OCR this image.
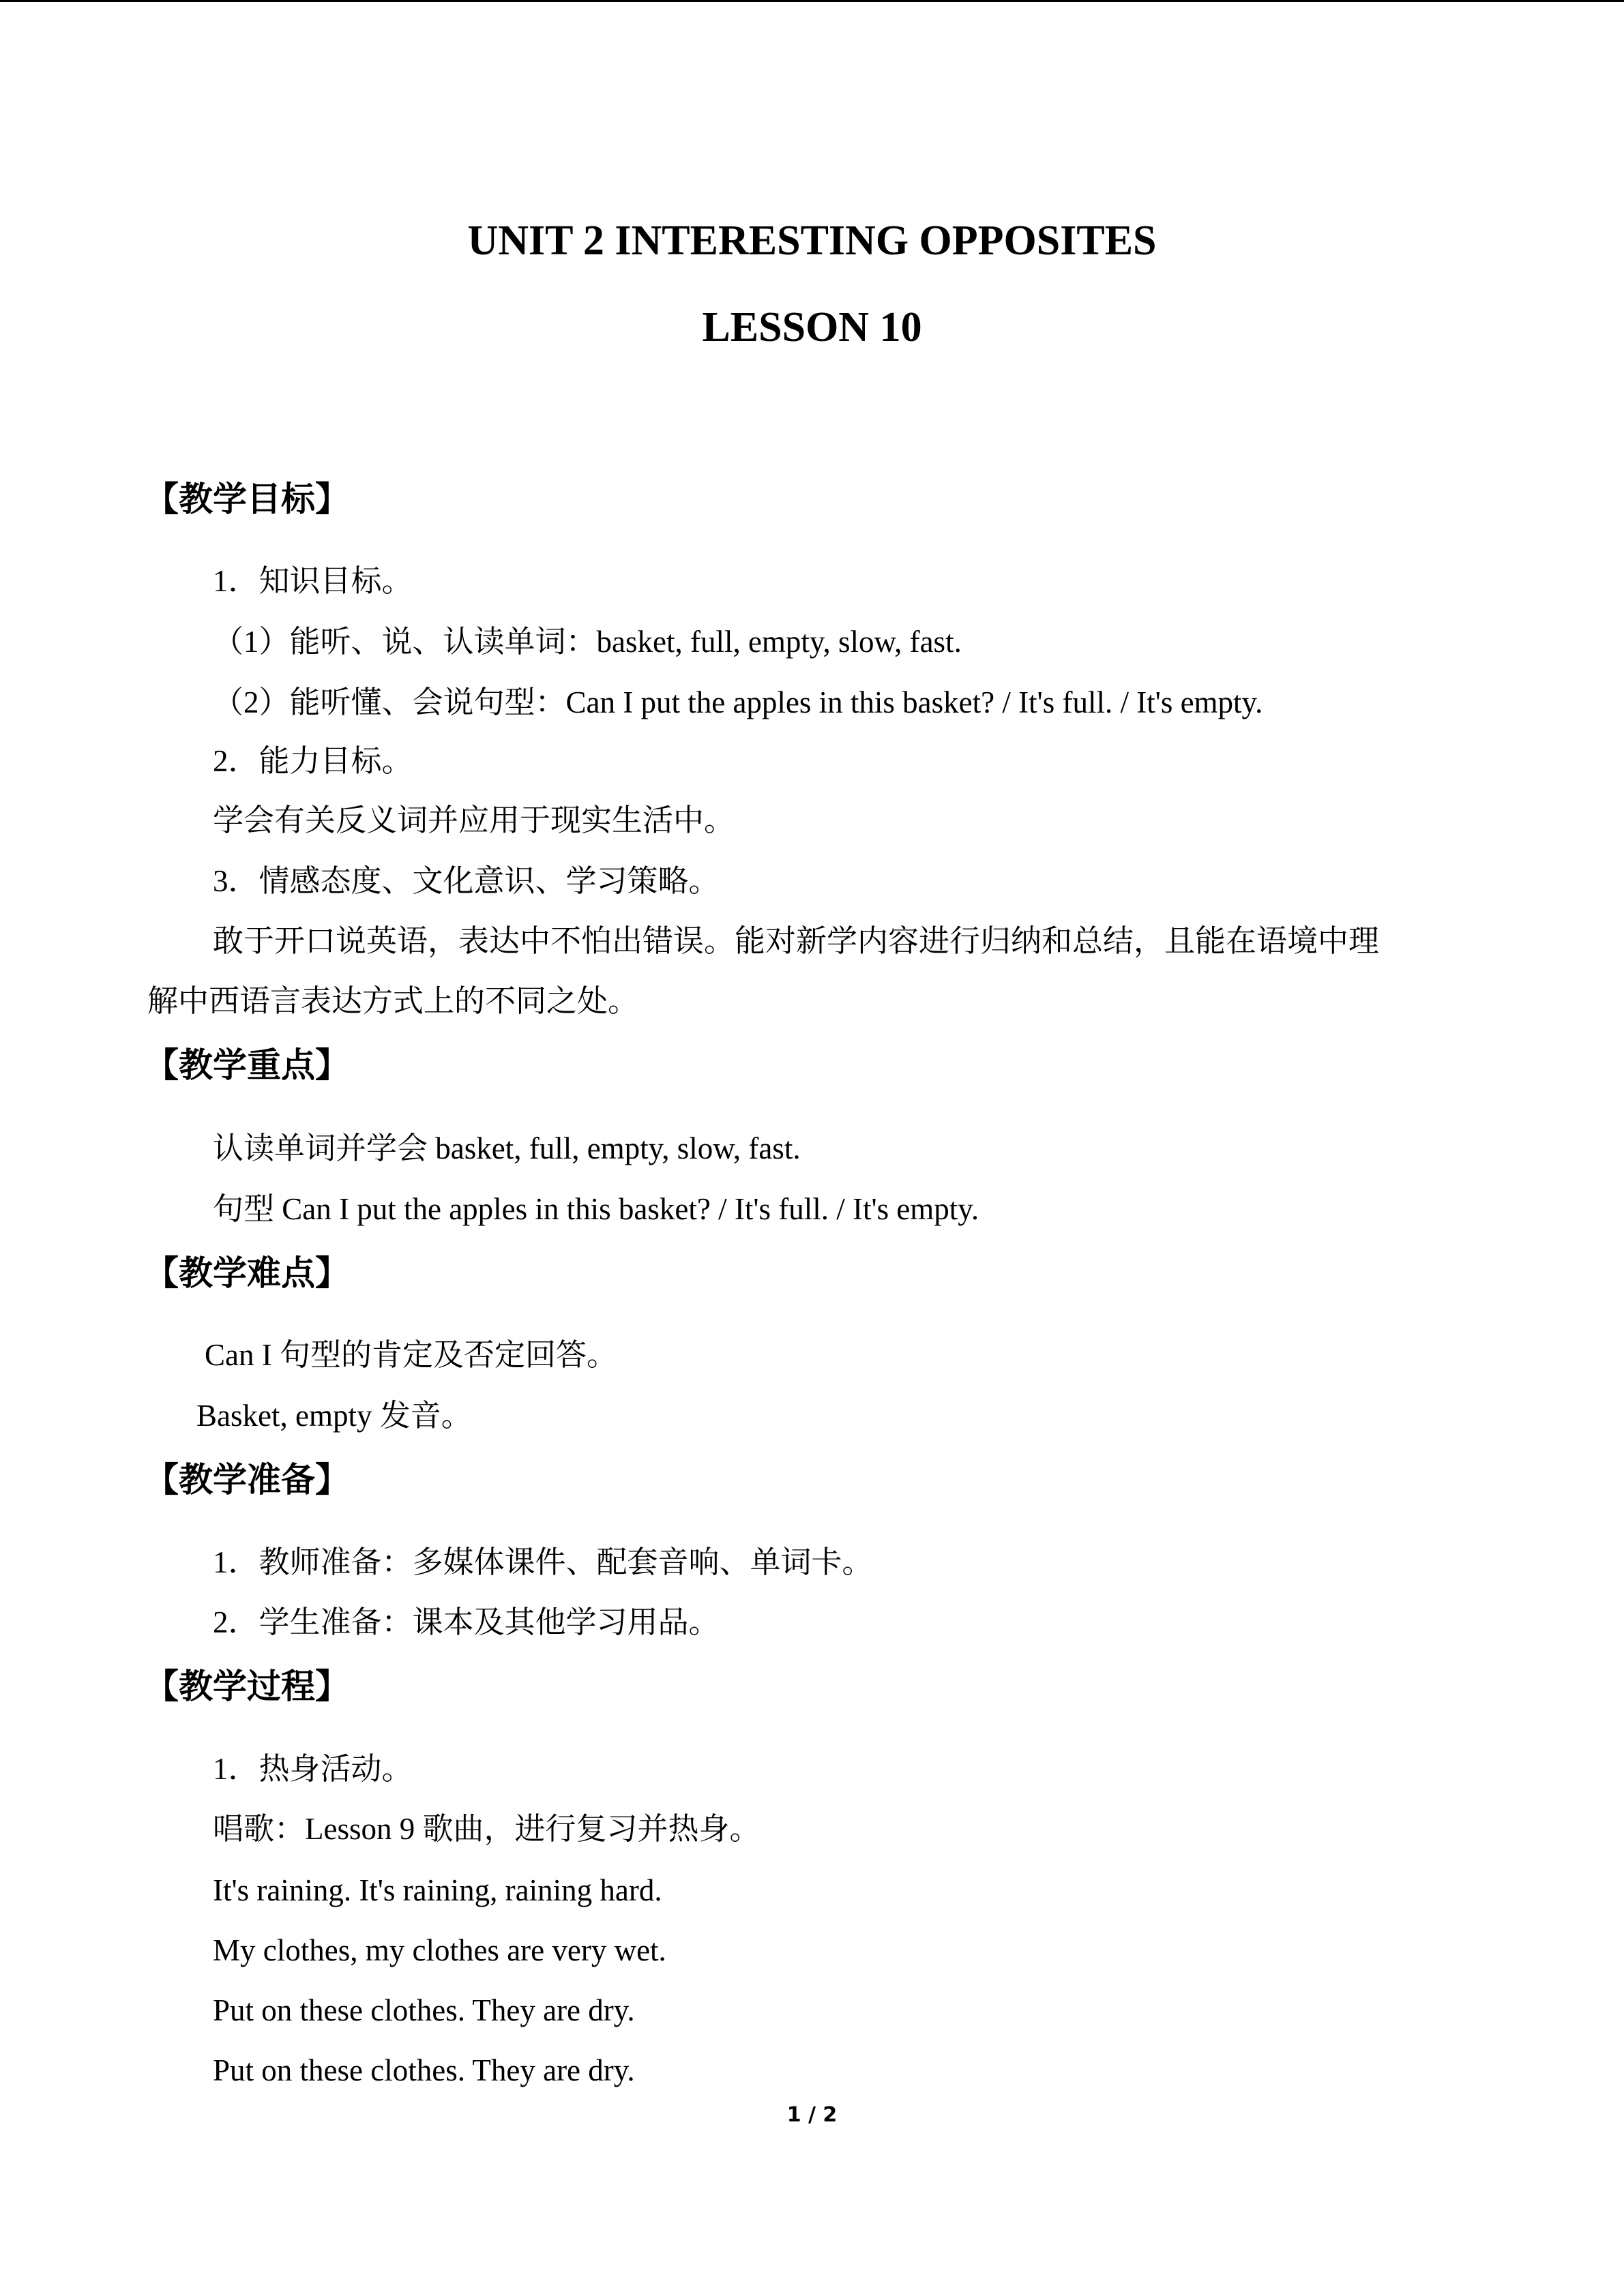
UNIT 2 INTERESTING OPPOSITES
LESSON 10
【教学目标】
1．知识目标。
（1）能听、说、认读单词：basket, full, empty, slow, fast.
（2）能听懂、会说句型：Can I put the apples in this basket? / It's full. / It's empty.
2．能力目标。
学会有关反义词并应用于现实生活中。
3．情感态度、文化意识、学习策略。
敢于开口说英语，表达中不怕出错误。能对新学内容进行归纳和总结，且能在语境中理
解中西语言表达方式上的不同之处。
【教学重点】
认读单词并学会 basket, full, empty, slow, fast.
句型 Can I put the apples in this basket? / It's full. / It's empty.
【教学难点】
Can I 句型的肯定及否定回答。
Basket, empty 发音。
【教学准备】
1．教师准备：多媒体课件、配套音响、单词卡。
2．学生准备：课本及其他学习用品。
【教学过程】
1．热身活动。
唱歌：Lesson 9 歌曲，进行复习并热身。
It's raining. It's raining, raining hard.
My clothes, my clothes are very wet.
Put on these clothes. They are dry.
Put on these clothes. They are dry.
1 / 2
